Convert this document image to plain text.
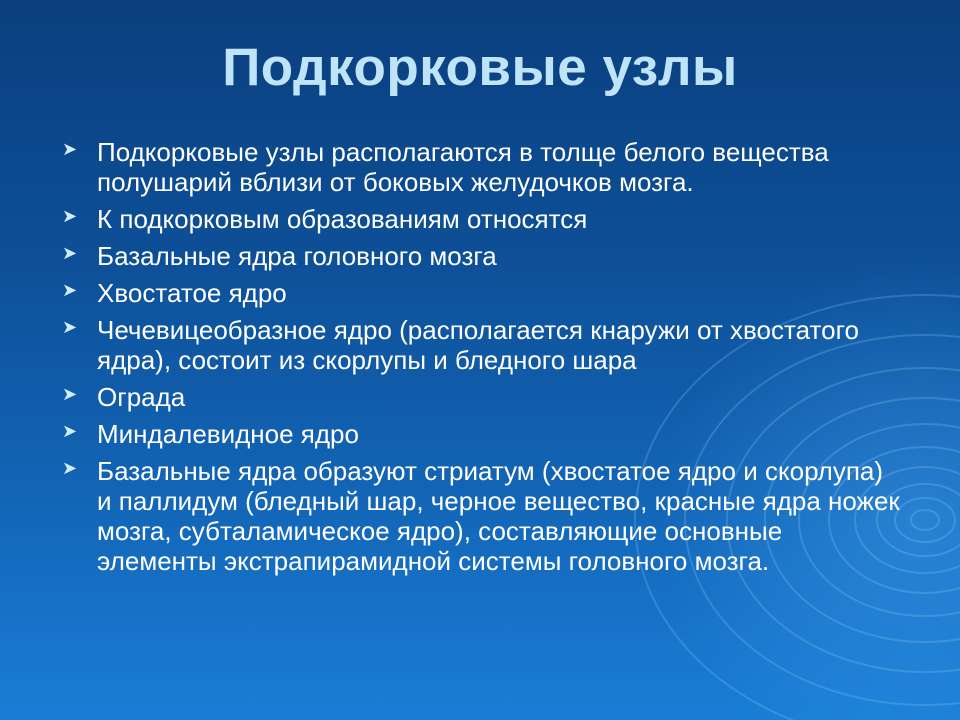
Подкорковые узлы
➤ Подкорковые узлы располагаются в толще белого вещества полушарий вблизи от боковых желудочков мозга.
➤ К подкорковым образованиям относятся
➤ Базальные ядра головного мозга
➤ Хвостатое ядро
➤ Чечевицеобразное ядро (располагается кнаружи от хвостатого ядра), состоит из скорлупы и бледного шара
➤ Ограда
➤ Миндалевидное ядро
➤ Базальные ядра образуют стриатум (хвостатое ядро и скорлупа) и паллидум (бледный шар, черное вещество, красные ядра ножек мозга, субталамическое ядро), составляющие основные элементы экстрапирамидной системы головного мозга.
